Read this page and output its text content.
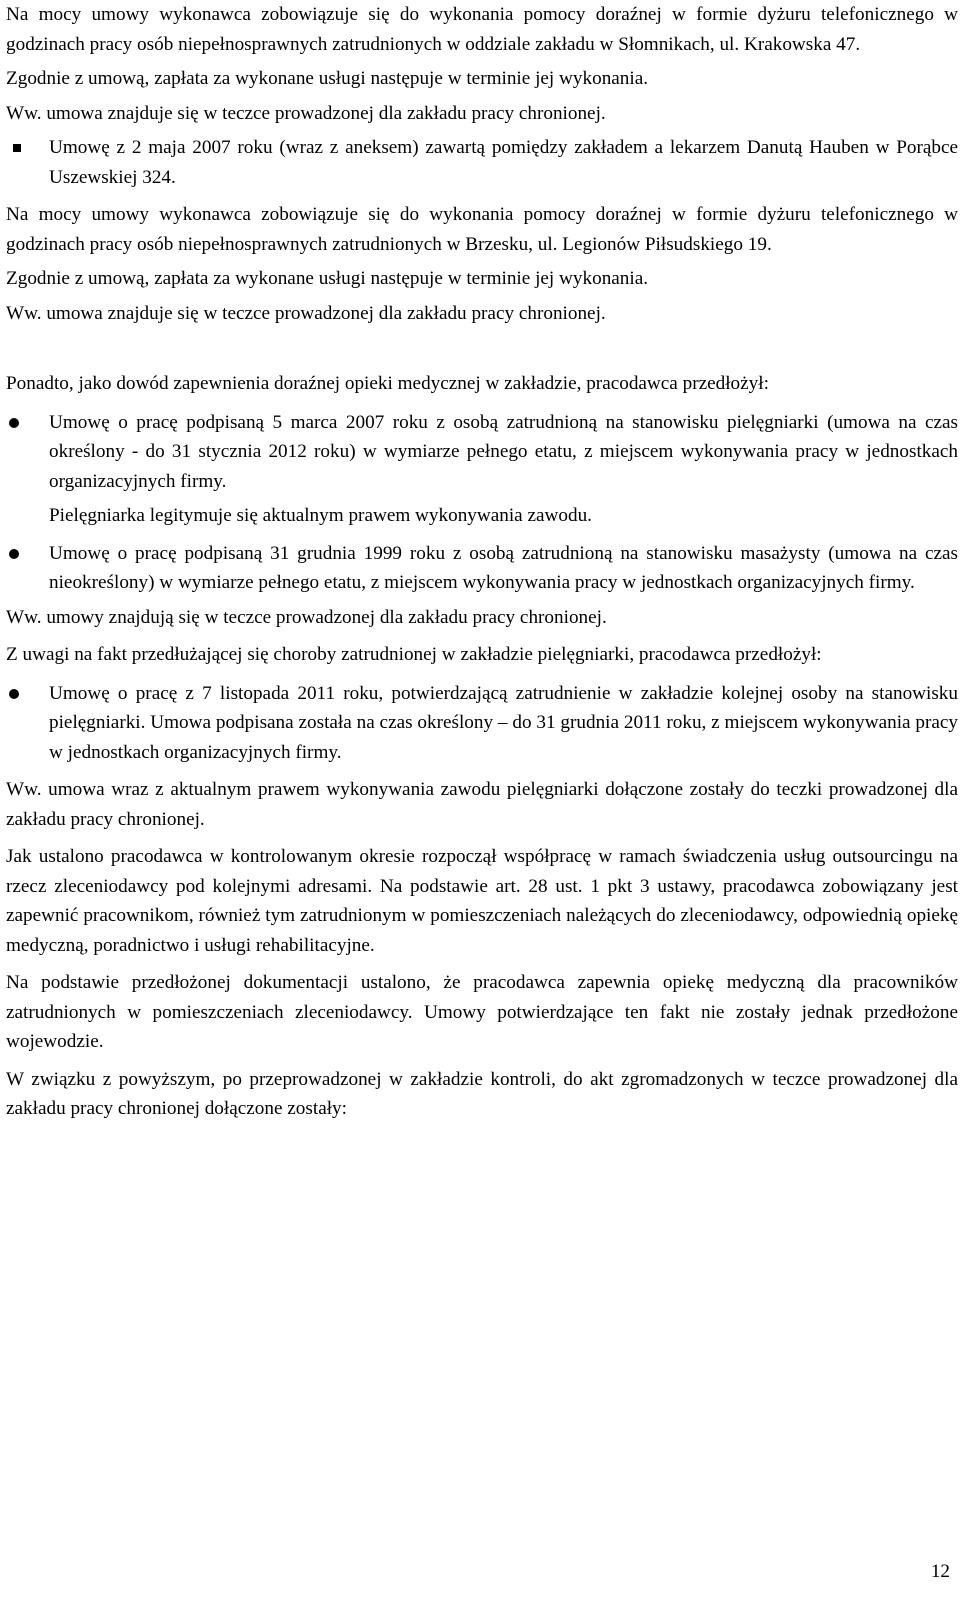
Na mocy umowy wykonawca zobowiązuje się do wykonania pomocy doraźnej w formie dyżuru telefonicznego w godzinach pracy osób niepełnosprawnych zatrudnionych w oddziale zakładu w Słomnikach, ul. Krakowska 47.

Zgodnie z umową, zapłata za wykonane usługi następuje w terminie jej wykonania.

Ww. umowa znajduje się w teczce prowadzonej dla zakładu pracy chronionej.

Umowę z 2 maja 2007 roku (wraz z aneksem) zawartą pomiędzy zakładem a lekarzem Danutą Hauben w Porąbce Uszewskiej 324.

Na mocy umowy wykonawca zobowiązuje się do wykonania pomocy doraźnej w formie dyżuru telefonicznego w godzinach pracy osób niepełnosprawnych zatrudnionych w Brzesku, ul. Legionów Piłsudskiego 19.

Zgodnie z umową, zapłata za wykonane usługi następuje w terminie jej wykonania.

Ww. umowa znajduje się w teczce prowadzonej dla zakładu pracy chronionej.

Ponadto, jako dowód zapewnienia doraźnej opieki medycznej w zakładzie, pracodawca przedłożył:

Umowę o pracę podpisaną 5 marca 2007 roku z osobą zatrudnioną na stanowisku pielęgniarki (umowa na czas określony - do 31 stycznia 2012 roku) w wymiarze pełnego etatu, z miejscem wykonywania pracy w jednostkach organizacyjnych firmy.

Pielęgniarka legitymuje się aktualnym prawem wykonywania zawodu.

Umowę o pracę podpisaną 31 grudnia 1999 roku z osobą zatrudnioną na stanowisku masażysty (umowa na czas nieokreślony) w wymiarze pełnego etatu, z miejscem wykonywania pracy w jednostkach organizacyjnych firmy.

Ww. umowy znajdują się w teczce prowadzonej dla zakładu pracy chronionej.

Z uwagi na fakt przedłużającej się choroby zatrudnionej w zakładzie pielęgniarki, pracodawca przedłożył:

Umowę o pracę z 7 listopada 2011 roku, potwierdzającą zatrudnienie w zakładzie kolejnej osoby na stanowisku pielęgniarki. Umowa podpisana została na czas określony – do 31 grudnia 2011 roku, z miejscem wykonywania pracy w jednostkach organizacyjnych firmy.

Ww. umowa wraz z aktualnym prawem wykonywania zawodu pielęgniarki dołączone zostały do teczki prowadzonej dla zakładu pracy chronionej.

Jak ustalono pracodawca w kontrolowanym okresie rozpoczął współpracę w ramach świadczenia usług outsourcingu na rzecz zleceniodawcy pod kolejnymi adresami. Na podstawie art. 28 ust. 1 pkt 3 ustawy, pracodawca zobowiązany jest zapewnić pracownikom, również tym zatrudnionym w pomieszczeniach należących do zleceniodawcy, odpowiednią opiekę medyczną, poradnictwo i usługi rehabilitacyjne.

Na podstawie przedłożonej dokumentacji ustalono, że pracodawca zapewnia opiekę medyczną dla pracowników zatrudnionych w pomieszczeniach zleceniodawcy. Umowy potwierdzające ten fakt nie zostały jednak przedłożone wojewodzie.

W związku z powyższym, po przeprowadzonej w zakładzie kontroli, do akt zgromadzonych w teczce prowadzonej dla zakładu pracy chronionej dołączone zostały:

12
